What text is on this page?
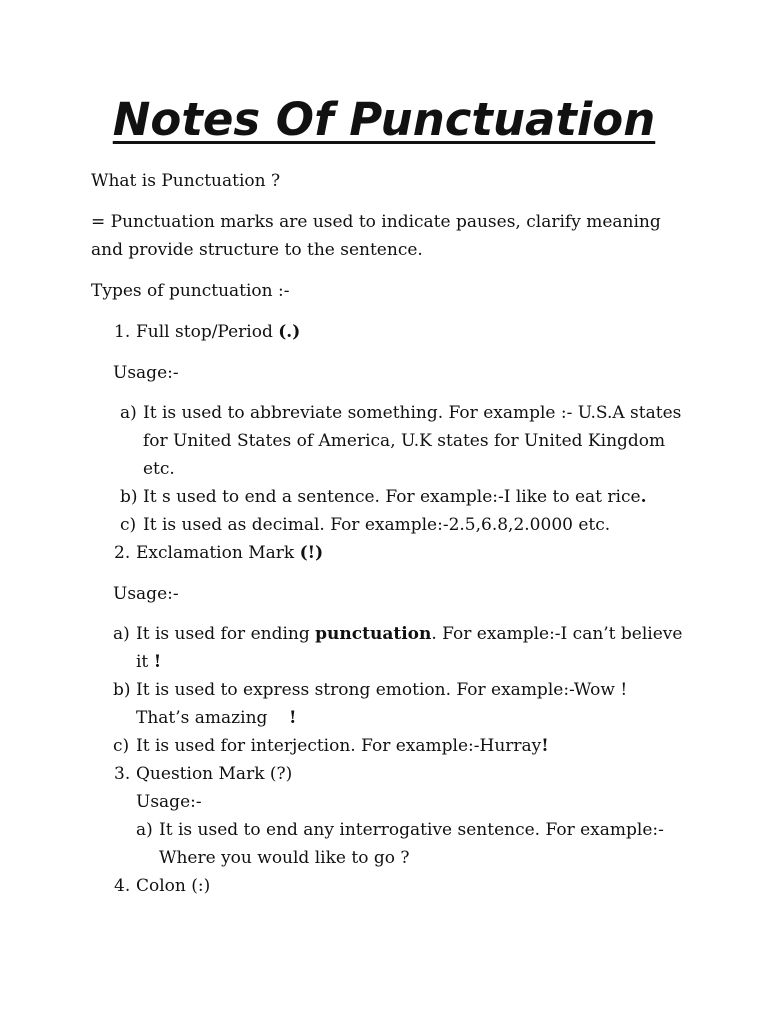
Notes Of Punctuation
What is Punctuation ?
= Punctuation marks are used to indicate pauses, clarify meaning
and provide structure to the sentence.
Types of punctuation :-
1. Full stop/Period (.)
Usage:-
a) It is used to abbreviate something. For example :- U.S.A states
for United States of America, U.K states for United Kingdom
etc.
b) It s used to end a sentence. For example:-I like to eat rice.
c) It is used as decimal. For example:-2.5,6.8,2.0000 etc.
2. Exclamation Mark (!)
Usage:-
a) It is used for ending punctuation. For example:-I can’t believe
it !
b) It is used to express strong emotion. For example:-Wow !
That’s amazing    !
c) It is used for interjection. For example:-Hurray!
3. Question Mark (?)
Usage:-
a) It is used to end any interrogative sentence. For example:-
Where you would like to go ?
4. Colon (:)
